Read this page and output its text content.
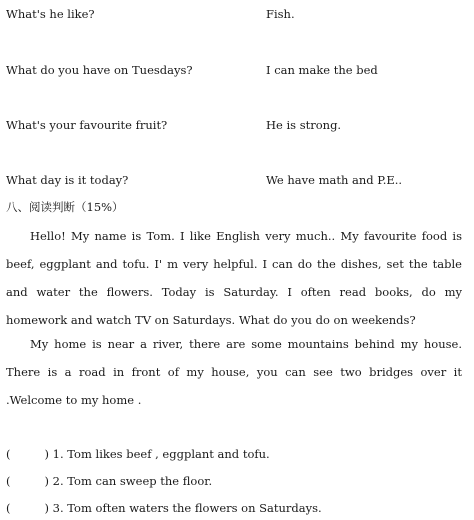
What's he like?	Fish.
What do you have on Tuesdays?	I can make the bed
What's your favourite fruit?	He is strong.
What day is it today?	We have math and P.E..
八、阅读判断（15%）
Hello! My name is Tom. I like English very much.. My favourite food is beef, eggplant and tofu. I' m very helpful. I can do the dishes, set the table and water the flowers. Today is Saturday. I often read books, do my homework and watch TV on Saturdays. What do you do on weekends?
My home is near a river, there are some mountains behind my house. There is a road in front of my house, you can see two bridges over it .Welcome to my home .
(	) 1. Tom likes beef , eggplant and tofu.
(	) 2. Tom can sweep the floor.
(	) 3. Tom often waters the flowers on Saturdays.
